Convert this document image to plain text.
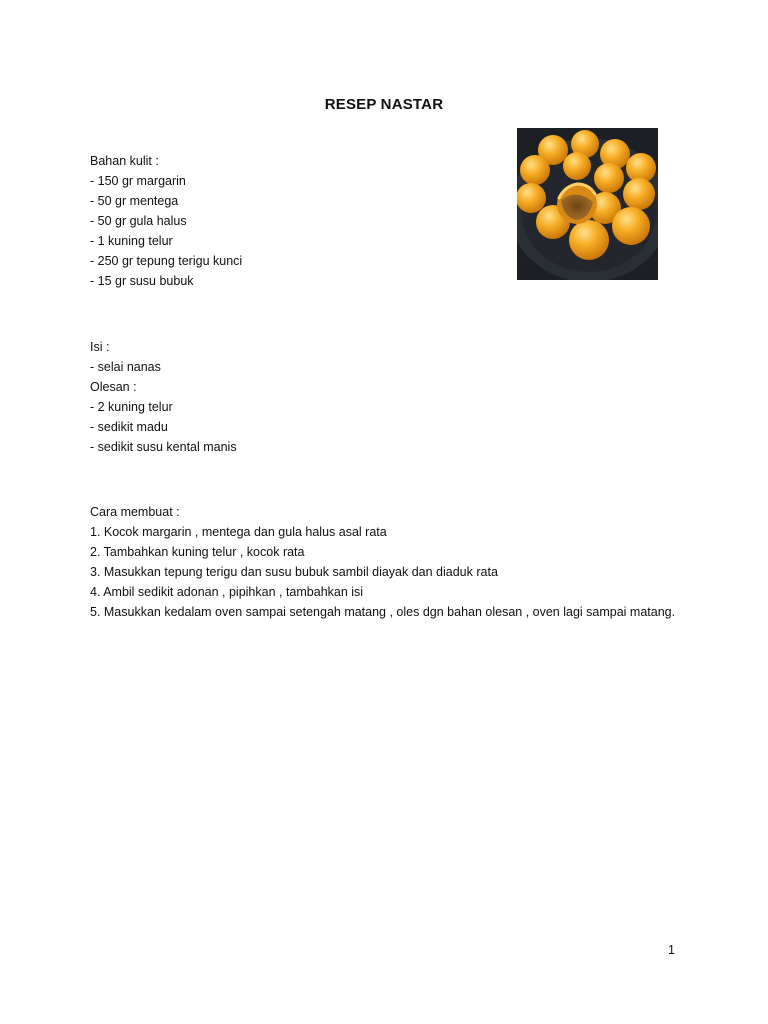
RESEP NASTAR
Bahan kulit :
- 150 gr margarin
- 50 gr mentega
- 50 gr gula halus
- 1 kuning telur
- 250 gr tepung terigu kunci
- 15 gr susu bubuk
Isi :
- selai nanas
Olesan :
- 2 kuning telur
- sedikit madu
- sedikit susu kental manis
Cara membuat :
1. Kocok margarin , mentega dan gula halus asal rata
2. Tambahkan kuning telur , kocok rata
3. Masukkan tepung terigu dan susu bubuk sambil diayak dan diaduk rata
4. Ambil sedikit adonan , pipihkan , tambahkan isi
5. Masukkan kedalam oven sampai setengah matang , oles dgn bahan olesan , oven lagi sampai matang.
1
